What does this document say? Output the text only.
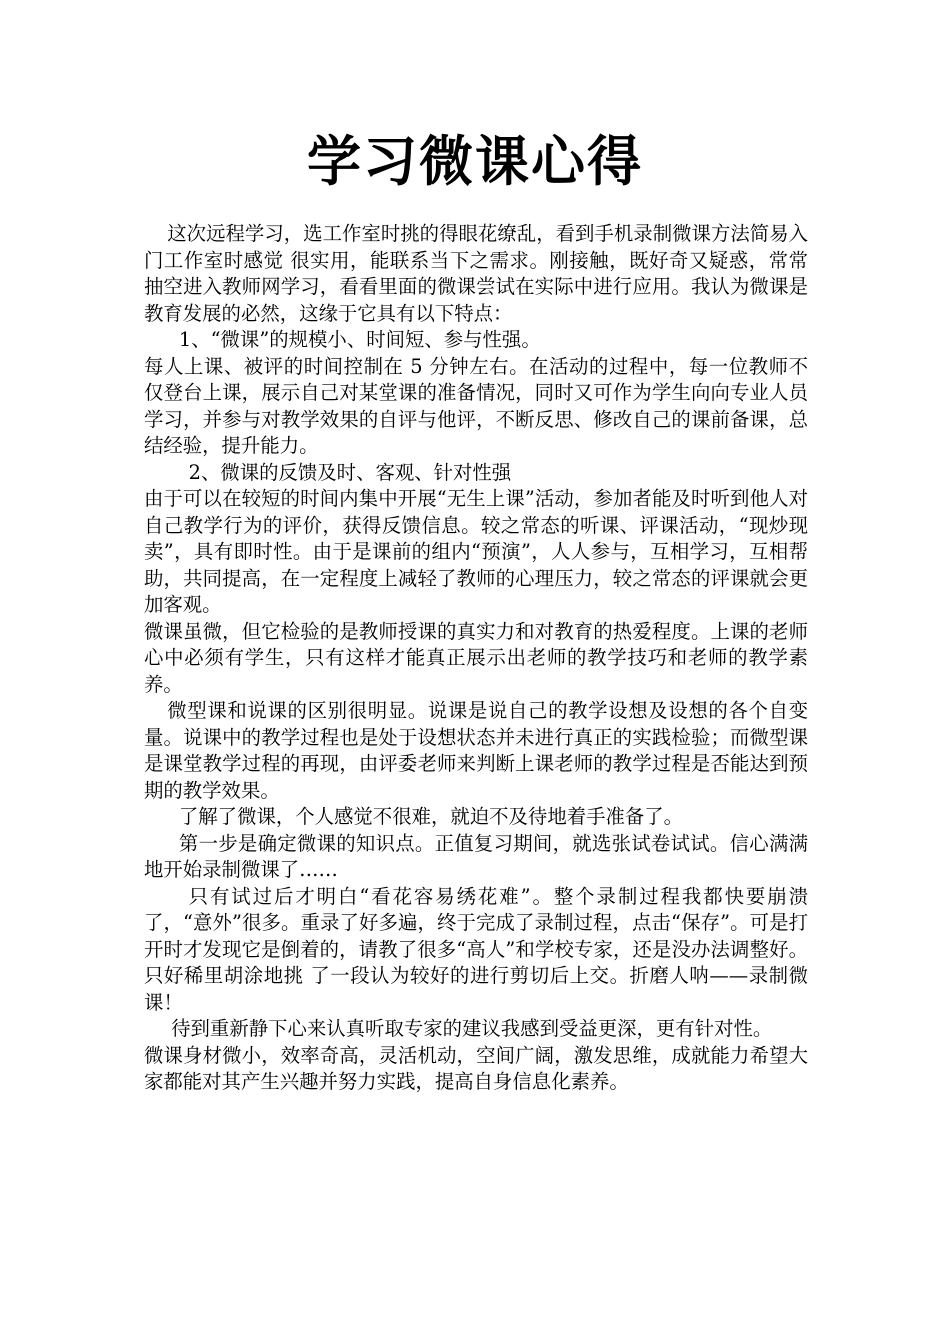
学习微课心得

这次远程学习，选工作室时挑的得眼花缭乱，看到手机录制微课方法简易入门工作室时感觉 很实用，能联系当下之需求。刚接触，既好奇又疑惑，常常抽空进入教师网学习，看看里面的微课尝试在实际中进行应用。我认为微课是教育发展的必然，这缘于它具有以下特点：

1、“微课”的规模小、时间短、参与性强。

每人上课、被评的时间控制在 5 分钟左右。在活动的过程中，每一位教师不仅登台上课，展示自己对某堂课的准备情况，同时又可作为学生向向专业人员学习，并参与对教学效果的自评与他评，不断反思、修改自己的课前备课，总结经验，提升能力。

2、微课的反馈及时、客观、针对性强

由于可以在较短的时间内集中开展“无生上课”活动，参加者能及时听到他人对自己教学行为的评价，获得反馈信息。较之常态的听课、评课活动，“现炒现卖”，具有即时性。由于是课前的组内“预演”，人人参与，互相学习，互相帮助，共同提高，在一定程度上减轻了教师的心理压力，较之常态的评课就会更加客观。

微课虽微，但它检验的是教师授课的真实力和对教育的热爱程度。上课的老师心中必须有学生，只有这样才能真正展示出老师的教学技巧和老师的教学素养。

微型课和说课的区别很明显。说课是说自己的教学设想及设想的各个自变量。说课中的教学过程也是处于设想状态并未进行真正的实践检验；而微型课是课堂教学过程的再现，由评委老师来判断上课老师的教学过程是否能达到预期的教学效果。

了解了微课，个人感觉不很难，就迫不及待地着手准备了。

第一步是确定微课的知识点。正值复习期间，就选张试卷试试。信心满满地开始录制微课了……

只有试过后才明白“看花容易绣花难”。整个录制过程我都快要崩溃了，“意外”很多。重录了好多遍，终于完成了录制过程，点击“保存”。可是打开时才发现它是倒着的，请教了很多“高人”和学校专家，还是没办法调整好。只好稀里胡涂地挑 了一段认为较好的进行剪切后上交。折磨人呐——录制微课！

待到重新静下心来认真听取专家的建议我感到受益更深，更有针对性。

微课身材微小，效率奇高，灵活机动，空间广阔，激发思维，成就能力希望大家都能对其产生兴趣并努力实践，提高自身信息化素养。
